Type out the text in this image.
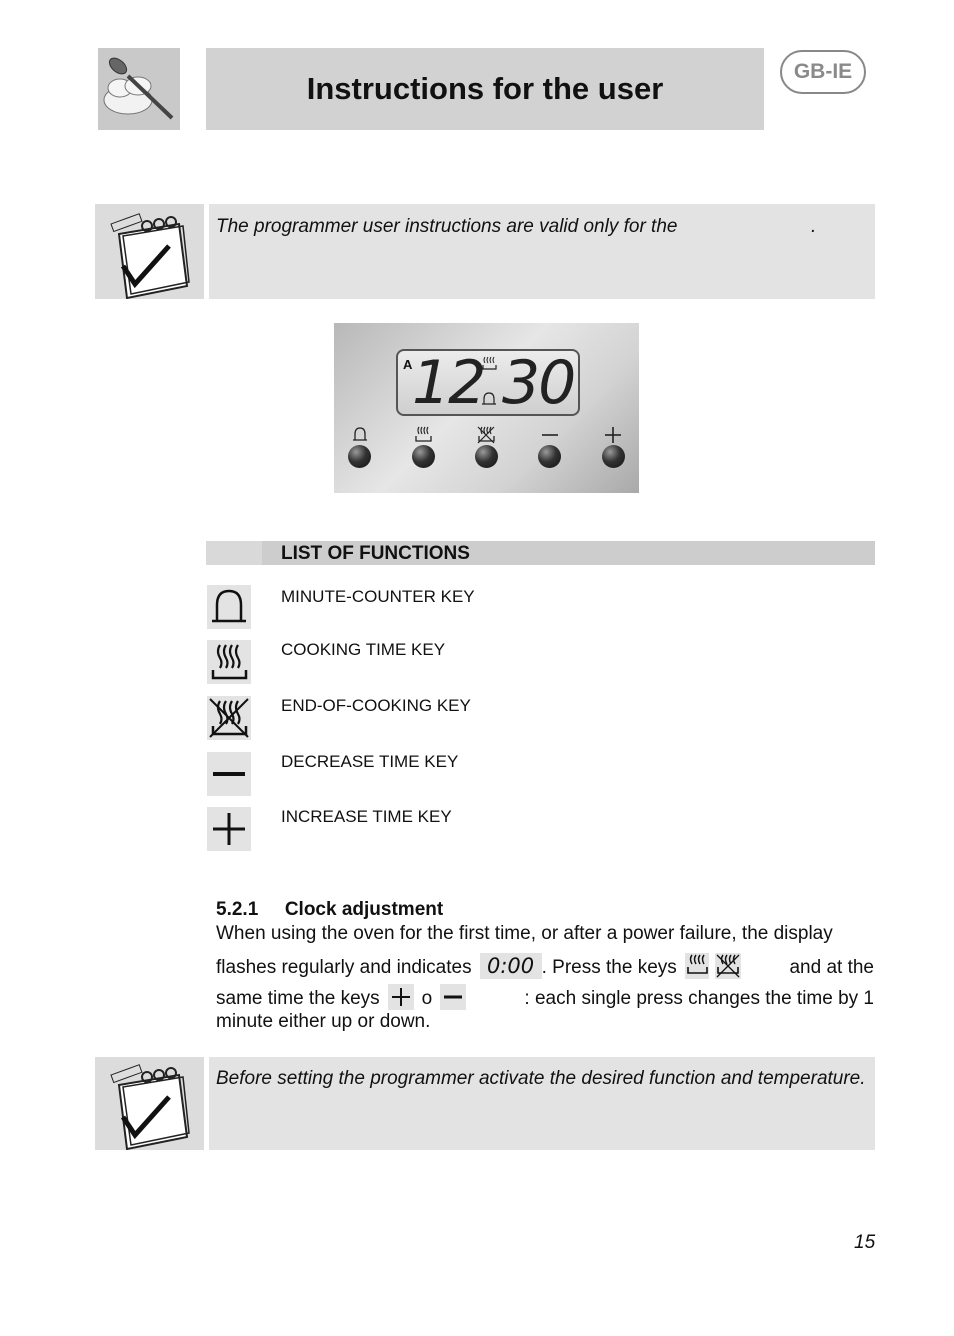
Instructions for the user	GB-IE
The programmer user instructions are valid only for the	.
A 12 30
LIST OF FUNCTIONS
MINUTE-COUNTER KEY
COOKING TIME KEY
END-OF-COOKING KEY
DECREASE TIME KEY
INCREASE TIME KEY
5.2.1 Clock adjustment
When using the oven for the first time, or after a power failure, the display
flashes regularly and indicates 0:00 . Press the keys	and at the
same time the keys o	: each single press changes the time by 1
minute either up or down.
Before setting the programmer activate the desired function and temperature.
15
